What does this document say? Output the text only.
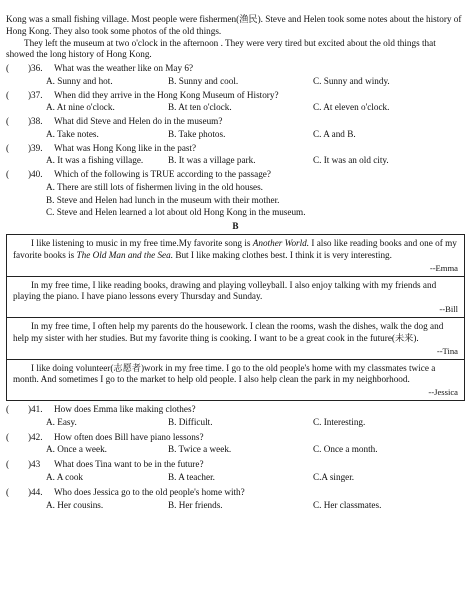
Kong was a small fishing village. Most people were fishermen(渔民). Steve and Helen took some notes about the history of Hong Kong. They also took some photos of the old things.

They left the museum at two o'clock in the afternoon . They were very tired but excited about the old things that showed the long history of Hong Kong.

(	)36.	What was the weather like on May 6?
A. Sunny and hot.	B. Sunny and cool.	C. Sunny and windy.
(	)37.	When did they arrive in the Hong Kong Museum of History?
A. At nine o'clock.	B. At ten o'clock.	C. At eleven o'clock.
(	)38.	What did Steve and Helen do in the museum?
A. Take notes.	B. Take photos.	C. A and B.
(	)39.	What was Hong Kong like in the past?
A. It was a fishing village.	B. It was a village park.	C. It was an old city.
(	)40.	Which of the following is TRUE according to the passage?
A. There are still lots of fishermen living in the old houses.
B. Steve and Helen had lunch in the museum with their mother.
C. Steve and Helen learned a lot about old Hong Kong in the museum.
B

I like listening to music in my free time.My favorite song is Another World. I also like reading books and one of my favorite books is The Old Man and the Sea. But I like making clothes best. I think it is very interesting.

--Emma

In my free time, I like reading books, drawing and playing volleyball. I also enjoy talking with my friends and playing the piano. I have piano lessons every Thursday and Sunday.

--Bill

In my free time, I often help my parents do the housework. I clean the rooms, wash the dishes, walk the dog and help my sister with her studies. But my favorite thing is cooking. I want to be a great cook in the future(未来).

--Tina

I like doing volunteer(志愿者)work in my free time. I go to the old people's home with my classmates twice a month. And sometimes I go to the market to help old people. I also help clean the park in my neighborhood.

--Jessica
(	)41.	How does Emma like making clothes?
A. Easy.	B. Difficult.	C. Interesting.
(	)42.	How often does Bill have piano lessons?
A. Once a week.	B. Twice a week.	C. Once a month.
(	)43	What does Tina want to be in the future?
A. A cook	B. A teacher.	C.A singer.
(	)44.	Who does Jessica go to the old people's home with?
A. Her cousins.	B. Her friends.	C. Her classmates.
